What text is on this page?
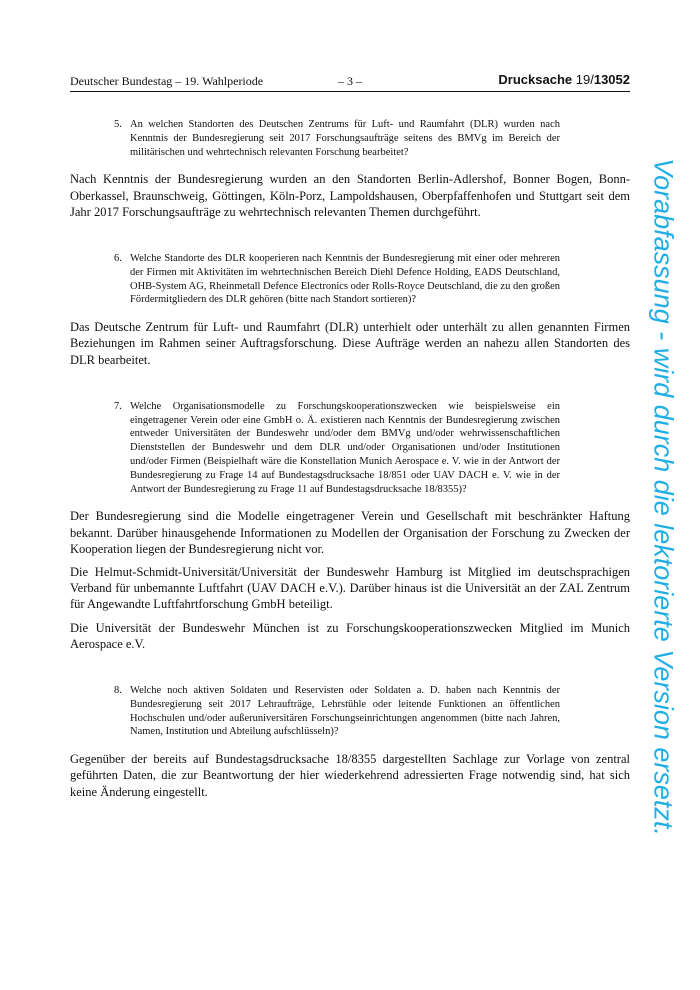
Deutscher Bundestag – 19. Wahlperiode	– 3 –	Drucksache 19/13052
5. An welchen Standorten des Deutschen Zentrums für Luft- und Raumfahrt (DLR) wurden nach Kenntnis der Bundesregierung seit 2017 Forschungsaufträge seitens des BMVg im Bereich der militärischen und wehrtechnisch relevanten Forschung bearbeitet?
Nach Kenntnis der Bundesregierung wurden an den Standorten Berlin-Adlershof, Bonner Bogen, Bonn-Oberkassel, Braunschweig, Göttingen, Köln-Porz, Lampoldshausen, Oberpfaffenhofen und Stuttgart seit dem Jahr 2017 Forschungsaufträge zu wehrtechnisch relevanten Themen durchgeführt.
6. Welche Standorte des DLR kooperieren nach Kenntnis der Bundesregierung mit einer oder mehreren der Firmen mit Aktivitäten im wehrtechnischen Bereich Diehl Defence Holding, EADS Deutschland, OHB-System AG, Rheinmetall Defence Electronics oder Rolls-Royce Deutschland, die zu den großen Fördermitgliedern des DLR gehören (bitte nach Standort sortieren)?
Das Deutsche Zentrum für Luft- und Raumfahrt (DLR) unterhielt oder unterhält zu allen genannten Firmen Beziehungen im Rahmen seiner Auftragsforschung. Diese Aufträge werden an nahezu allen Standorten des DLR bearbeitet.
7. Welche Organisationsmodelle zu Forschungskooperationszwecken wie beispielsweise ein eingetragener Verein oder eine GmbH o. Ä. existieren nach Kenntnis der Bundesregierung zwischen entweder Universitäten der Bundeswehr und/oder dem BMVg und/oder wehrwissenschaftlichen Dienststellen der Bundeswehr und dem DLR und/oder Organisationen und/oder Institutionen und/oder Firmen (Beispielhaft wäre die Konstellation Munich Aerospace e. V. wie in der Antwort der Bundesregierung zu Frage 14 auf Bundestagsdrucksache 18/851 oder UAV DACH e. V. wie in der Antwort der Bundesregierung zu Frage 11 auf Bundestagsdrucksache 18/8355)?
Der Bundesregierung sind die Modelle eingetragener Verein und Gesellschaft mit beschränkter Haftung bekannt. Darüber hinausgehende Informationen zu Modellen der Organisation der Forschung zu Zwecken der Kooperation liegen der Bundesregierung nicht vor.
Die Helmut-Schmidt-Universität/Universität der Bundeswehr Hamburg ist Mitglied im deutschsprachigen Verband für unbemannte Luftfahrt (UAV DACH e.V.). Darüber hinaus ist die Universität an der ZAL Zentrum für Angewandte Luftfahrtforschung GmbH beteiligt.
Die Universität der Bundeswehr München ist zu Forschungskooperationszwecken Mitglied im Munich Aerospace e.V.
8. Welche noch aktiven Soldaten und Reservisten oder Soldaten a. D. haben nach Kenntnis der Bundesregierung seit 2017 Lehraufträge, Lehrstühle oder leitende Funktionen an öffentlichen Hochschulen und/oder außeruniversitären Forschungseinrichtungen angenommen (bitte nach Jahren, Namen, Institution und Abteilung aufschlüsseln)?
Gegenüber der bereits auf Bundestagsdrucksache 18/8355 dargestellten Sachlage zur Vorlage von zentral geführten Daten, die zur Beantwortung der hier wiederkehrend adressierten Frage notwendig sind, hat sich keine Änderung eingestellt.	Vorabfassung - wird durch die lektorierte Version ersetzt.
